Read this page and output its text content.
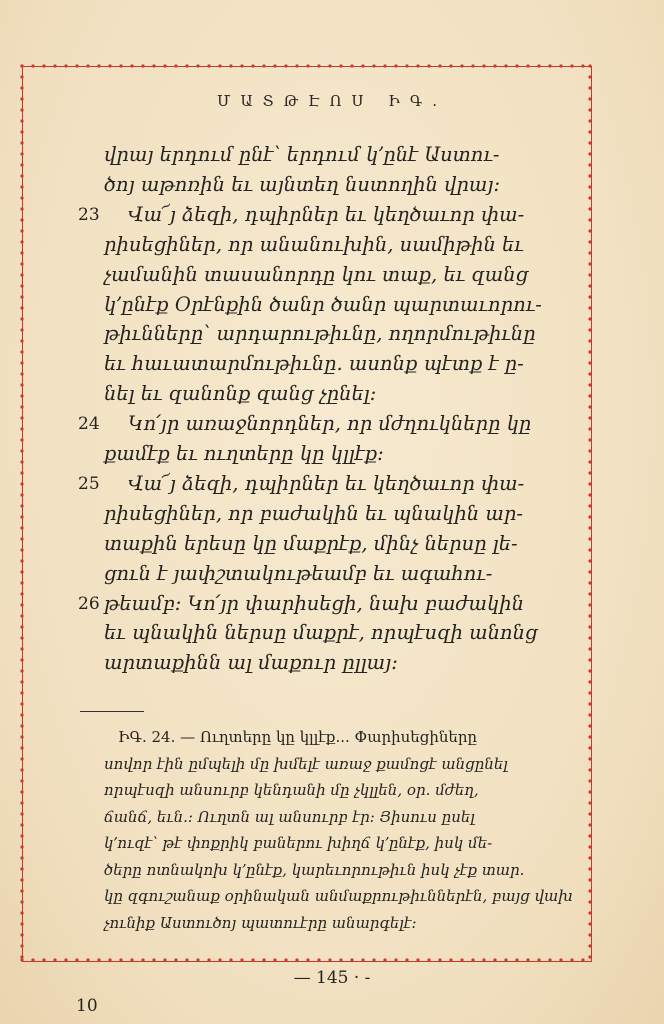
ՄԱՏԹԷՈՍ ԻԳ.
վրայ երդում ընէ՝ երդում կ՚ընէ Աստու-
ծոյ աթոռին եւ այնտեղ նստողին վրայ։
23 Վա՜յ ձեզի, դպիրներ եւ կեղծաւոր փա-
րիսեցիներ, որ անանուխին, սամիթին եւ
չամանին տասանորդը կու տաք, եւ զանց
կ՚ընէք Օրէնքին ծանր ծանր պարտաւորու-
թիւնները՝ արդարութիւնը, ողորմութիւնը
եւ հաւատարմութիւնը. ասոնք պէտք է ը-
նել եւ զանոնք զանց չընել։
24 Կո՛յր առաջնորդներ, որ մժղուկները կը
քամէք եւ ուղտերը կը կլլէք։
25 Վա՜յ ձեզի, դպիրներ եւ կեղծաւոր փա-
րիսեցիներ, որ բաժակին եւ պնակին ար-
տաքին երեսը կը մաքրէք, մինչ ներսը լե-
ցուն է յափշտակութեամբ եւ ագահու-
26 թեամբ։ Կո՛յր փարիսեցի, նախ բաժակին
եւ պնակին ներսը մաքրէ, որպէսզի անոնց
արտաքինն ալ մաքուր ըլլայ։
ԻԳ. 24. — Ուղտերը կը կլլէք... Փարիսեցիները
սովոր էին ըմպելի մը խմելէ առաջ քամոցէ անցընել
որպէսզի անսուրբ կենդանի մը չկլլեն, օր. մժեղ,
ճանճ, եւն.։ Ուղտն ալ անսուրբ էր։ Յիսուս ըսել
կ՚ուզէ՝ թէ փոքրիկ բաներու խիղճ կ՚ընէք, իսկ մե-
ծերը ոտնակոխ կ՚ընէք, կարեւորութիւն իսկ չէք տար.
կը զգուշանաք օրինական անմաքրութիւններէն, բայց վախ
չունիք Աստուծոյ պատուէրը անարգելէ։
— 145 · -
10
